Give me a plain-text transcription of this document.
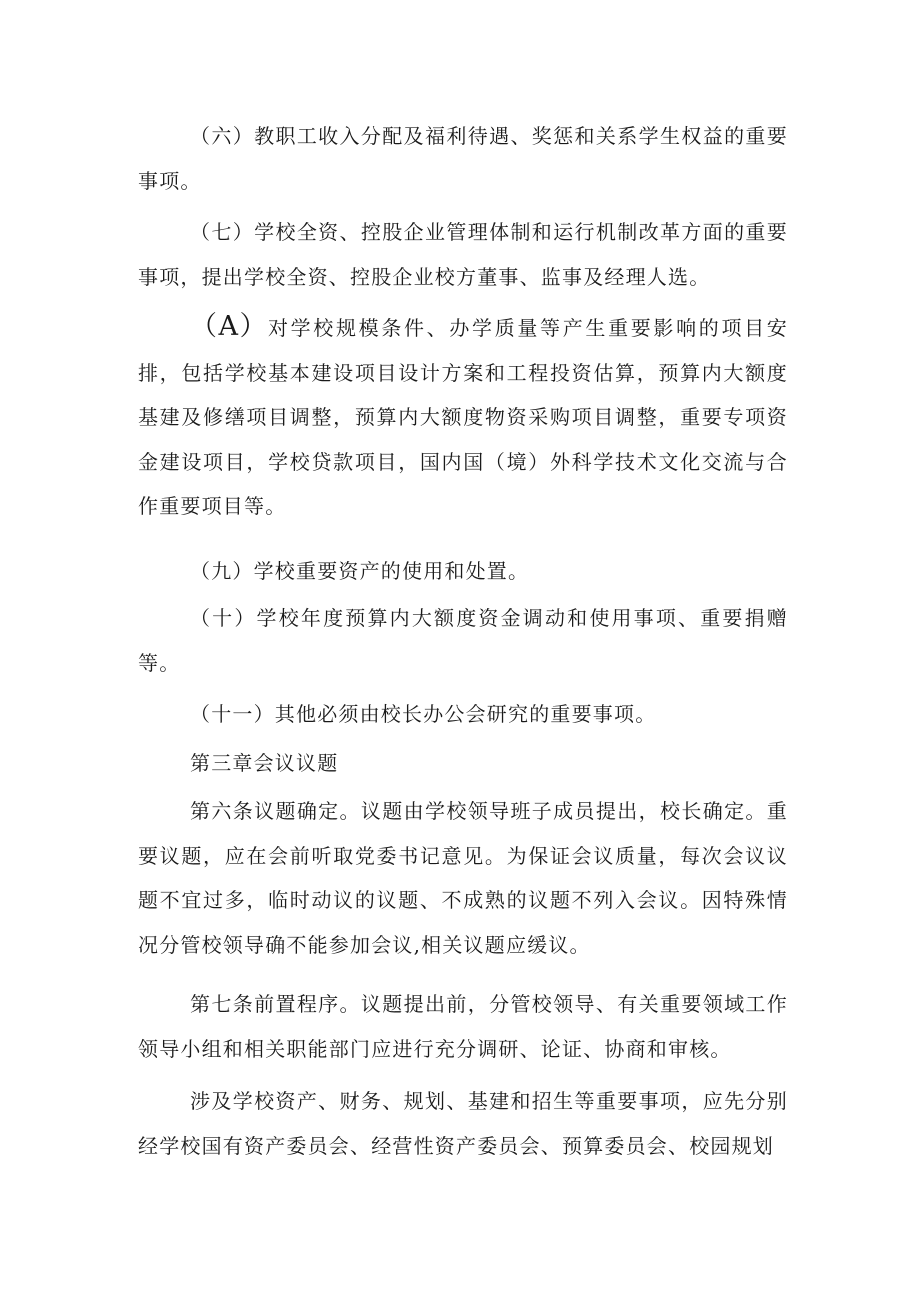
（六）教职工收入分配及福利待遇、奖惩和关系学生权益的重要事项。

（七）学校全资、控股企业管理体制和运行机制改革方面的重要事项，提出学校全资、控股企业校方董事、监事及经理人选。

（A）对学校规模条件、办学质量等产生重要影响的项目安排，包括学校基本建设项目设计方案和工程投资估算，预算内大额度基建及修缮项目调整，预算内大额度物资采购项目调整，重要专项资金建设项目，学校贷款项目，国内国（境）外科学技术文化交流与合作重要项目等。

（九）学校重要资产的使用和处置。

（十）学校年度预算内大额度资金调动和使用事项、重要捐赠等。

（十一）其他必须由校长办公会研究的重要事项。

第三章会议议题

第六条议题确定。议题由学校领导班子成员提出，校长确定。重要议题，应在会前听取党委书记意见。为保证会议质量，每次会议议题不宜过多，临时动议的议题、不成熟的议题不列入会议。因特殊情况分管校领导确不能参加会议,相关议题应缓议。

第七条前置程序。议题提出前，分管校领导、有关重要领域工作领导小组和相关职能部门应进行充分调研、论证、协商和审核。

涉及学校资产、财务、规划、基建和招生等重要事项，应先分别经学校国有资产委员会、经营性资产委员会、预算委员会、校园规划
